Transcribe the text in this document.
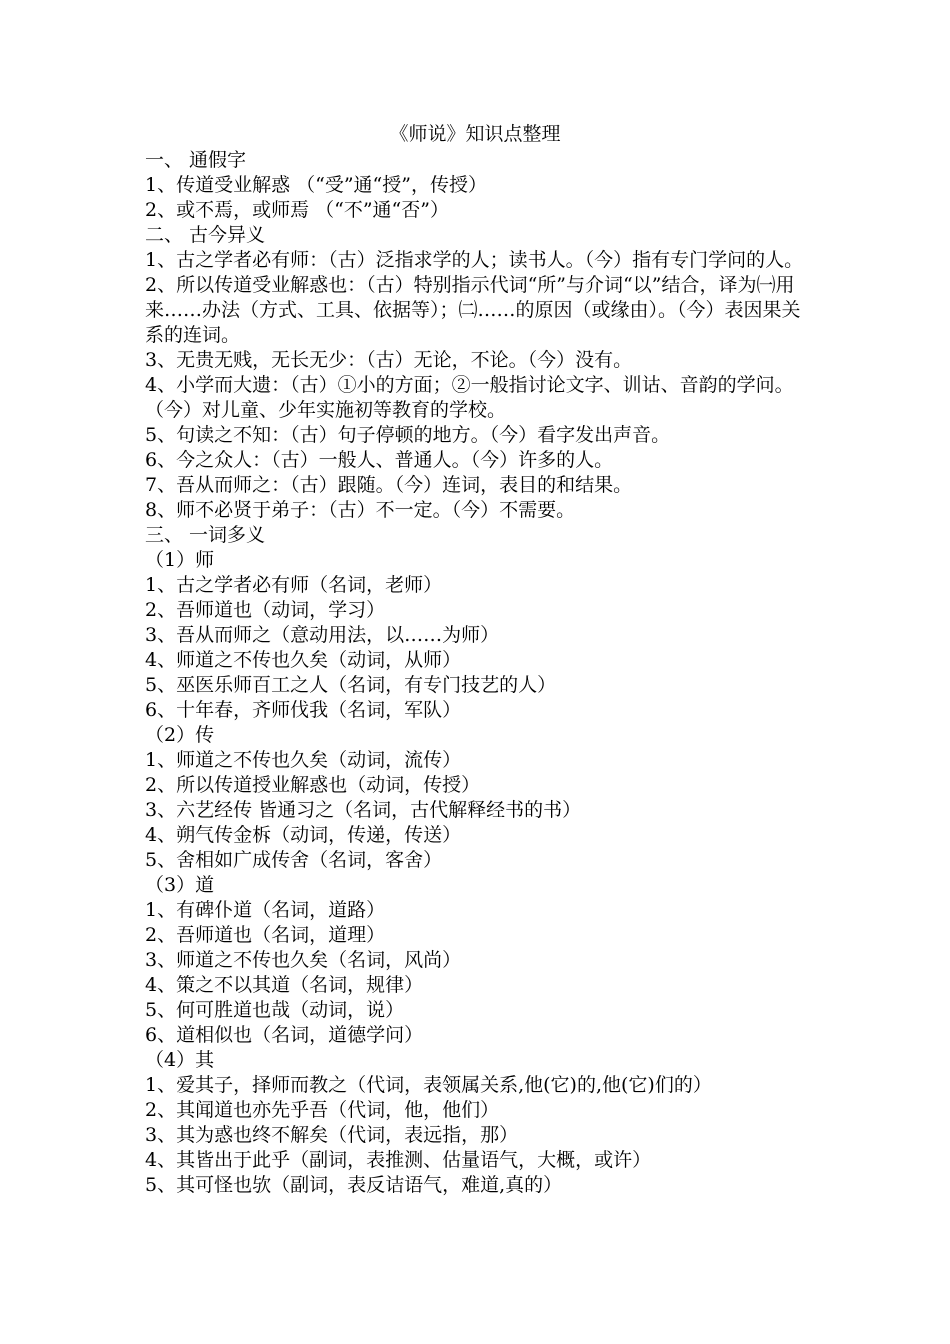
《师说》知识点整理
一、 通假字
1、传道受业解惑 （“受”通“授”，传授）
2、或不焉，或师焉 （“不”通“否”）
二、 古今异义
1、古之学者必有师：（古）泛指求学的人；读书人。（今）指有专门学问的人。
2、所以传道受业解惑也：（古）特别指示代词“所”与介词“以”结合，译为㈠用来……办法（方式、工具、依据等）；㈡……的原因（或缘由）。（今）表因果关系的连词。
3、无贵无贱，无长无少：（古）无论，不论。（今）没有。
4、小学而大遗：（古）①小的方面；②一般指讨论文字、训诂、音韵的学问。（今）对儿童、少年实施初等教育的学校。
5、句读之不知：（古）句子停顿的地方。（今）看字发出声音。
6、今之众人：（古）一般人、普通人。（今）许多的人。
7、吾从而师之：（古）跟随。（今）连词，表目的和结果。
8、师不必贤于弟子：（古）不一定。（今）不需要。
三、 一词多义
（1）师
1、古之学者必有师（名词，老师）
2、吾师道也（动词，学习）
3、吾从而师之（意动用法，以……为师）
4、师道之不传也久矣（动词，从师）
5、巫医乐师百工之人（名词，有专门技艺的人）
6、十年春，齐师伐我（名词，军队）
（2）传
1、师道之不传也久矣（动词，流传）
2、所以传道授业解惑也（动词，传授）
3、六艺经传 皆通习之（名词，古代解释经书的书）
4、朔气传金柝（动词，传递，传送）
5、舍相如广成传舍（名词，客舍）
（3）道
1、有碑仆道（名词，道路）
2、吾师道也（名词，道理）
3、师道之不传也久矣（名词，风尚）
4、策之不以其道（名词，规律）
5、何可胜道也哉（动词，说）
6、道相似也（名词，道德学问）
（4）其
1、爱其子，择师而教之（代词，表领属关系,他(它)的,他(它)们的）
2、其闻道也亦先乎吾（代词，他，他们）
3、其为惑也终不解矣（代词，表远指，那）
4、其皆出于此乎（副词，表推测、估量语气，大概，或许）
5、其可怪也欤（副词，表反诘语气，难道,真的）
